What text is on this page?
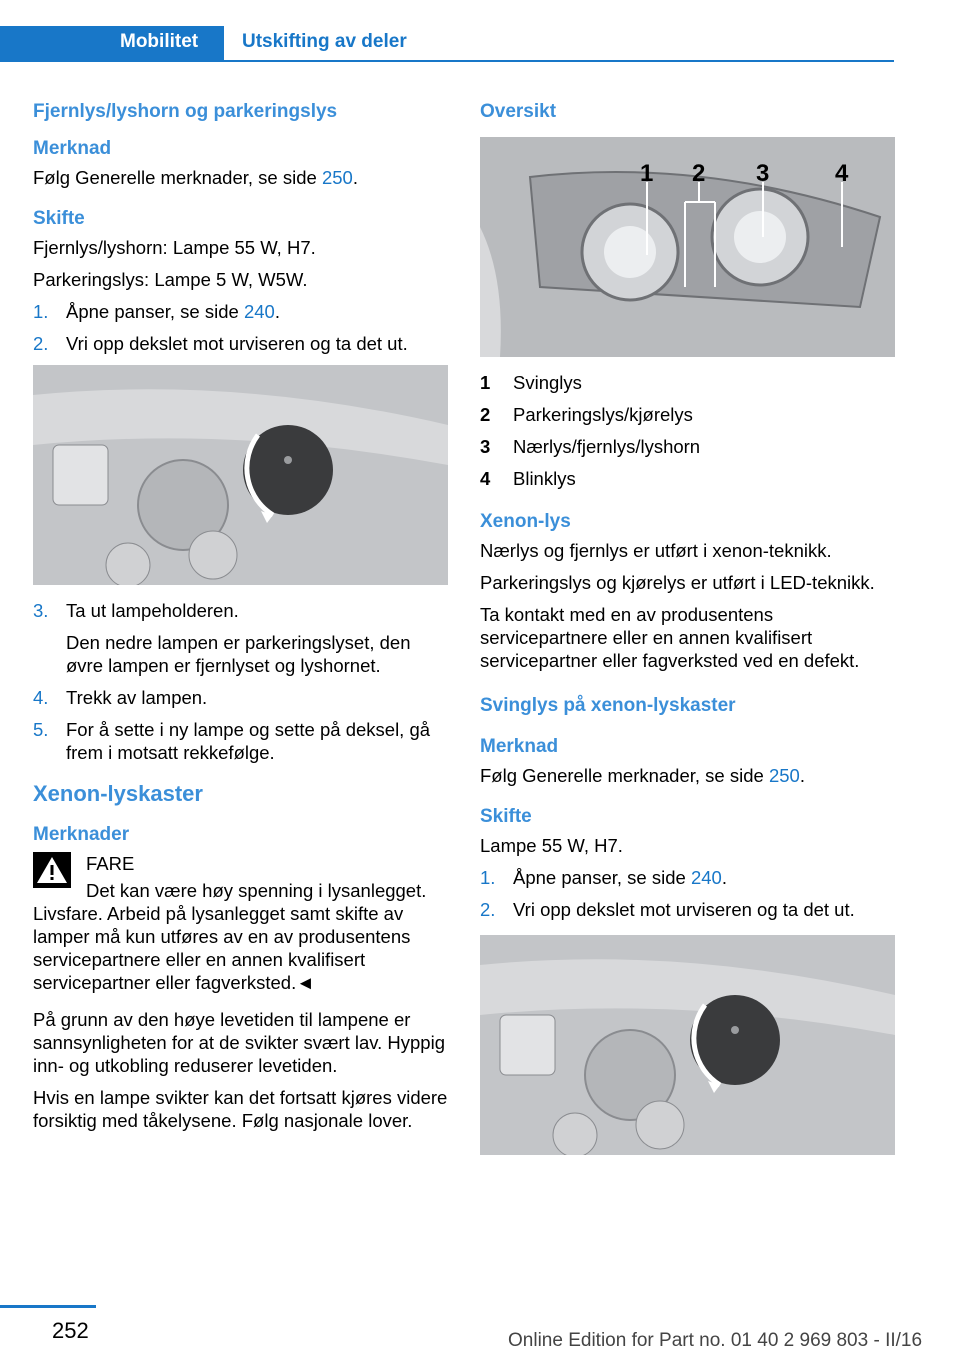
Mobilitet	Utskifting av deler
Fjernlys/lyshorn og parkeringslys
Merknad

Følg Generelle merknader, se side 250.

Skifte

Fjernlys/lyshorn: Lampe 55 W, H7.

Parkeringslys: Lampe 5 W, W5W.

1. Åpne panser, se side 240.
2. Vri opp dekslet mot urviseren og ta det ut.
3. Ta ut lampeholderen.
Den nedre lampen er parkeringslyset, den øvre lampen er fjernlyset og lyshornet.
4. Trekk av lampen.
5. For å sette i ny lampe og sette på deksel, gå frem i motsatt rekkefølge.
Xenon-lyskaster
Merknader
FARE

Det kan være høy spenning i lysanlegget. Livsfare. Arbeid på lysanlegget samt skifte av lamper må kun utføres av en av produsentens servicepartnere eller en annen kvalifisert servicepartner eller fagverksted.◄

På grunn av den høye levetiden til lampene er sannsynligheten for at de svikter svært lav. Hyppig inn- og utkobling reduserer levetiden.

Hvis en lampe svikter kan det fortsatt kjøres videre forsiktig med tåkelysene. Følg nasjonale lover.

Oversikt
1 2 3	4
1	Svinglys
2	Parkeringslys/kjørelys
3	Nærlys/fjernlys/lyshorn
4	Blinklys
Xenon-lys

Nærlys og fjernlys er utført i xenon-teknikk.

Parkeringslys og kjørelys er utført i LED-teknikk.

Ta kontakt med en av produsentens servicepartnere eller en annen kvalifisert servicepartner eller fagverksted ved en defekt.

Svinglys på xenon-lyskaster
Merknad

Følg Generelle merknader, se side 250.

Skifte

Lampe 55 W, H7.

1. Åpne panser, se side 240.
2. Vri opp dekslet mot urviseren og ta det ut.
252	Online Edition for Part no. 01 40 2 969 803 - II/16
